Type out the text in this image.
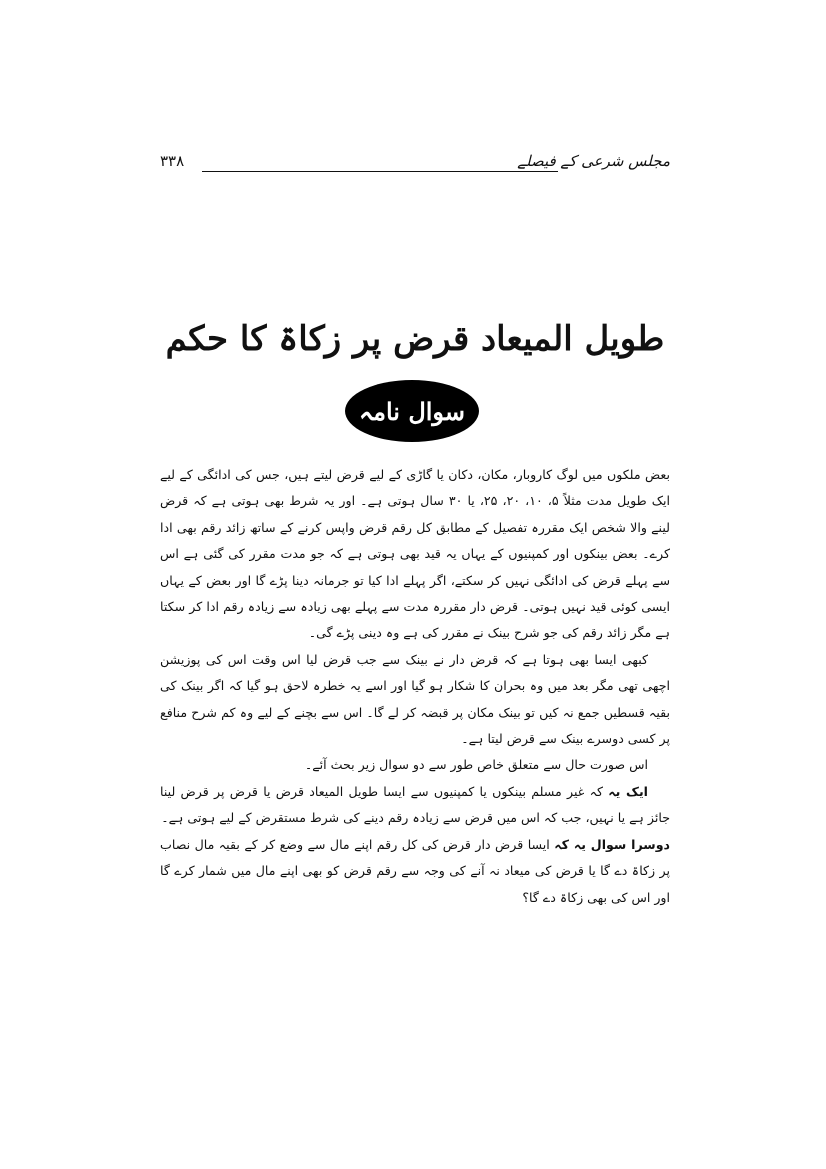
مجلس شرعی کے فیصلے
۳۳۸
طویل المیعاد قرض پر زکاۃ کا حکم
سوال نامہ

بعض ملکوں میں لوگ کاروبار، مکان، دکان یا گاڑی کے لیے قرض لیتے ہیں، جس کی ادائگی کے لیے ایک طویل مدت مثلاً ۵، ۱۰، ۲۰، ۲۵، یا ۳۰ سال ہوتی ہے۔ اور یہ شرط بھی ہوتی ہے کہ قرض لینے والا شخص ایک مقررہ تفصیل کے مطابق کل رقم قرض واپس کرنے کے ساتھ زائد رقم بھی ادا کرے۔ بعض بینکوں اور کمپنیوں کے یہاں یہ قید بھی ہوتی ہے کہ جو مدت مقرر کی گئی ہے اس سے پہلے قرض کی ادائگی نہیں کر سکتے، اگر پہلے ادا کیا تو جرمانہ دینا پڑے گا اور بعض کے یہاں ایسی کوئی قید نہیں ہوتی۔ قرض دار مقررہ مدت سے پہلے بھی زیادہ سے زیادہ رقم ادا کر سکتا ہے مگر زائد رقم کی جو شرح بینک نے مقرر کی ہے وہ دینی پڑے گی۔

کبھی ایسا بھی ہوتا ہے کہ قرض دار نے بینک سے جب قرض لیا اس وقت اس کی پوزیشن اچھی تھی مگر بعد میں وہ بحران کا شکار ہو گیا اور اسے یہ خطرہ لاحق ہو گیا کہ اگر بینک کی بقیہ قسطیں جمع نہ کیں تو بینک مکان پر قبضہ کر لے گا۔ اس سے بچنے کے لیے وہ کم شرح منافع پر کسی دوسرے بینک سے قرض لیتا ہے۔

اس صورت حال سے متعلق خاص طور سے دو سوال زیر بحث آئے۔

ایک یہ کہ غیر مسلم بینکوں یا کمپنیوں سے ایسا طویل المیعاد قرض یا قرض پر قرض لینا جائز ہے یا نہیں، جب کہ اس میں قرض سے زیادہ رقم دینے کی شرط مستقرض کے لیے ہوتی ہے۔

دوسرا سوال یہ کہ ایسا قرض دار قرض کی کل رقم اپنے مال سے وضع کر کے بقیہ مال نصاب پر زکاۃ دے گا یا قرض کی میعاد نہ آنے کی وجہ سے رقم قرض کو بھی اپنے مال میں شمار کرے گا اور اس کی بھی زکاۃ دے گا؟
